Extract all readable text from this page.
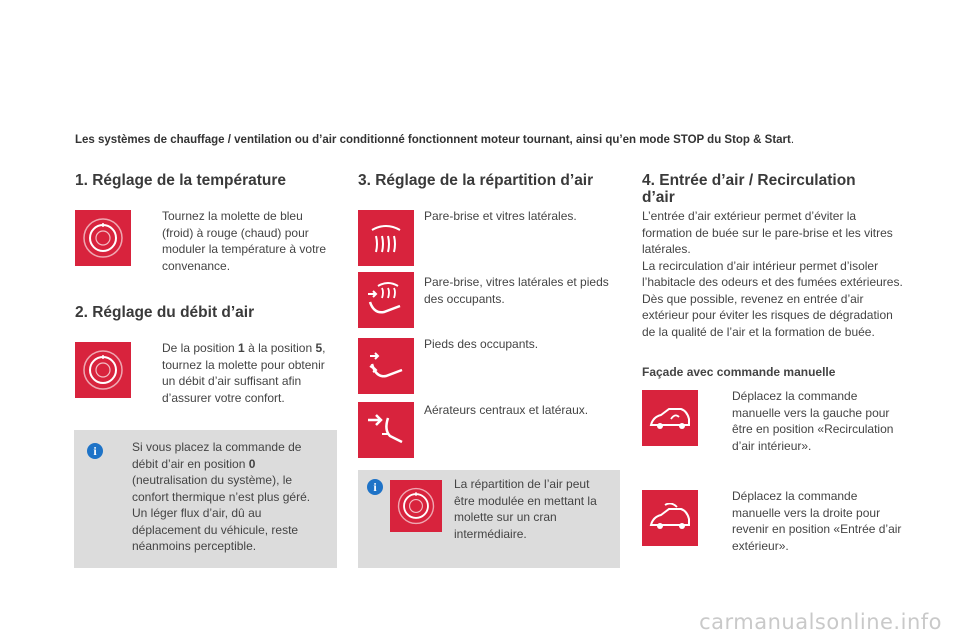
Les systèmes de chauffage / ventilation ou d’air conditionné fonctionnent moteur tournant, ainsi qu’en mode STOP du Stop & Start.
1. Réglage de la température
Tournez la molette de bleu (froid) à rouge (chaud) pour moduler la température à votre convenance.
2. Réglage du débit d’air
De la position 1 à la position 5, tournez la molette pour obtenir un débit d’air suffisant afin d’assurer votre confort.
i	Si vous placez la commande de débit d’air en position 0 (neutralisation du système), le confort thermique n’est plus géré. Un léger flux d’air, dû au déplacement du véhicule, reste néanmoins perceptible.
3. Réglage de la répartition d’air
Pare-brise et vitres latérales.
Pare-brise, vitres latérales et pieds des occupants.
Pieds des occupants.
Aérateurs centraux et latéraux.
i	La répartition de l’air peut être modulée en mettant la molette sur un cran intermédiaire.
4. Entrée d’air / Recirculation d’air
L’entrée d’air extérieur permet d’éviter la formation de buée sur le pare-brise et les vitres latérales.
La recirculation d’air intérieur permet d’isoler l’habitacle des odeurs et des fumées extérieures.
Dès que possible, revenez en entrée d’air extérieur pour éviter les risques de dégradation de la qualité de l’air et la formation de buée.
Façade avec commande manuelle
Déplacez la commande manuelle vers la gauche pour être en position «Recirculation d’air intérieur».
Déplacez la commande manuelle vers la droite pour revenir en position «Entrée d’air extérieur».
carmanualsonline.info
